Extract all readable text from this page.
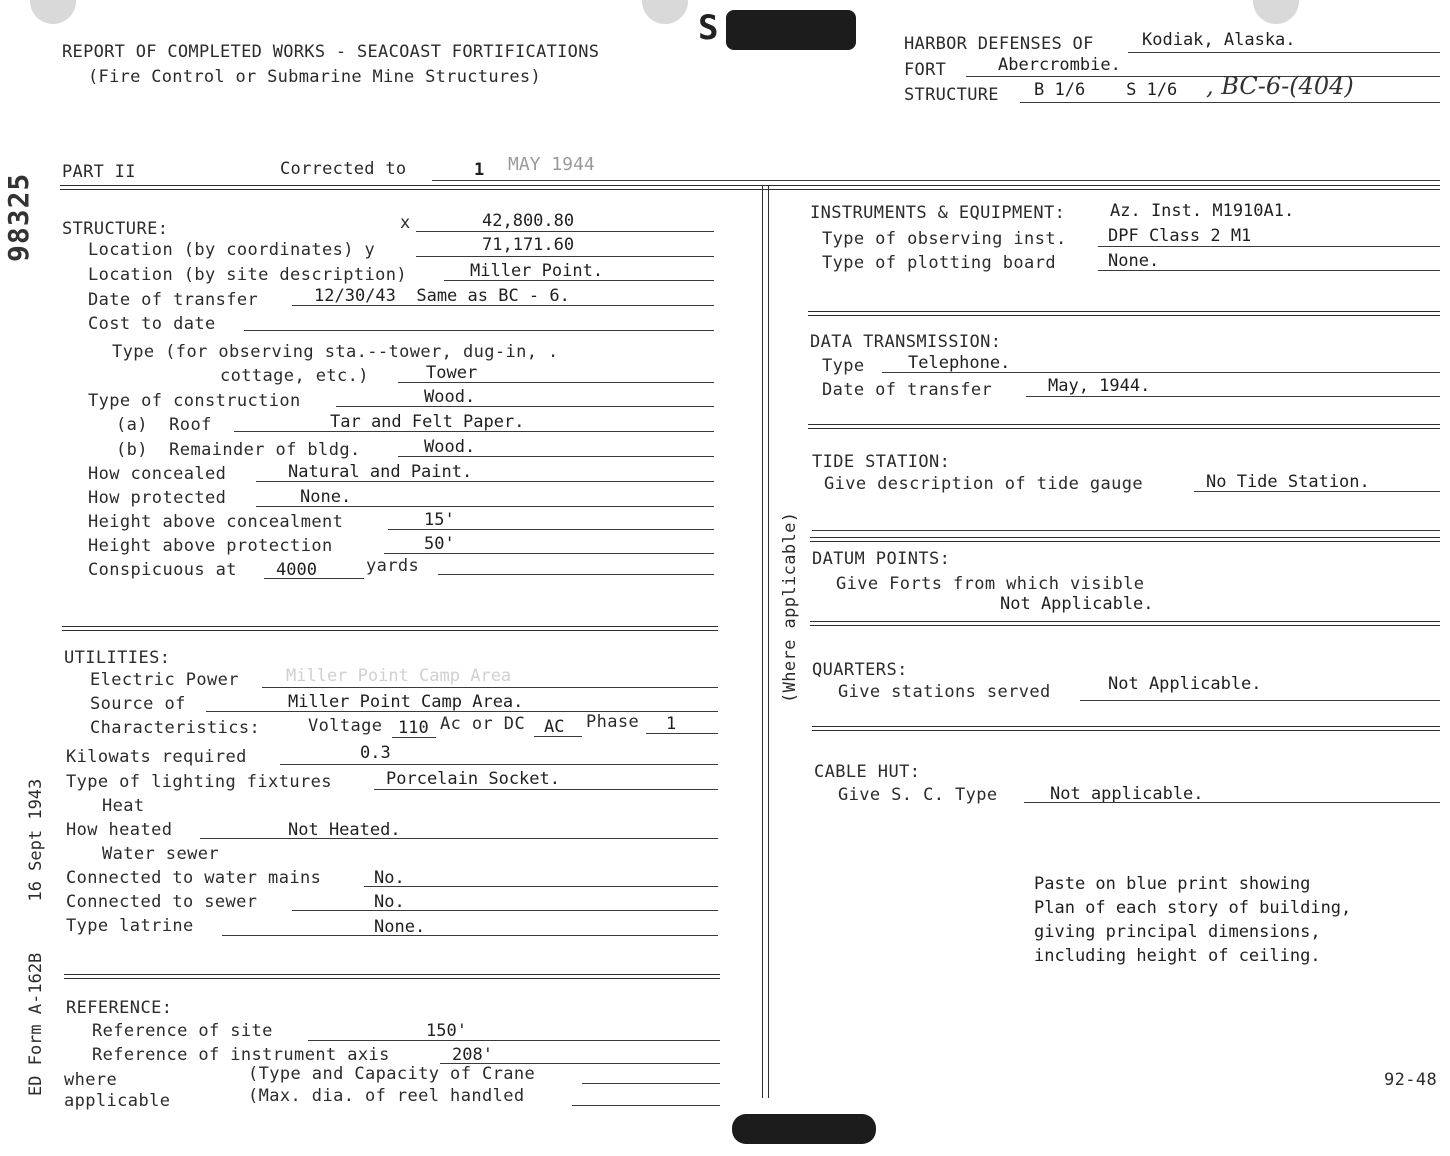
REPORT OF COMPLETED WORKS - SEACOAST FORTIFICATIONS
(Fire Control or Submarine Mine Structures)
S	HARBOR DEFENSES OF	Kodiak, Alaska.
FORT	Abercrombie.
STRUCTURE B 1/6    S 1/6 , BC-6-(404)
98325
ED Form A-162B     16 Sept 1943
PART II	Corrected to	1 MAY 1944
(Where applicable)
STRUCTURE:	x	42,800.80
Location (by coordinates) y	71,171.60
Location (by site description)	Miller Point.
Date of transfer	12/30/43  Same as BC - 6.
Cost to date
Type (for observing sta.--tower, dug-in, .
cottage, etc.)	Tower
Type of construction	Wood.
(a)  Roof	Tar and Felt Paper.
(b)  Remainder of bldg.	Wood.
How concealed	Natural and Paint.
How protected	None.
Height above concealment	15'
Height above protection	50'
Conspicuous at 4000	yards
UTILITIES:
Electric Power	Miller Point Camp Area
Source of	Miller Point Camp Area.
Characteristics:	Voltage 110 Ac or DC AC Phase 1
Kilowats required	0.3
Type of lighting fixtures	Porcelain Socket.
Heat
How heated	Not Heated.
Water sewer
Connected to water mains	No.
Connected to sewer	No.
Type latrine	None.
REFERENCE:
Reference of site	150'
Reference of instrument axis	208'
where
applicable
(Type and Capacity of Crane
(Max. dia. of reel handled
INSTRUMENTS & EQUIPMENT:	Az. Inst. M1910A1.
Type of observing inst. DPF Class 2 M1
Type of plotting board	None.
DATA TRANSMISSION:
Type	Telephone.
Date of transfer	May, 1944.
TIDE STATION:
Give description of tide gauge	No Tide Station.
DATUM POINTS:
Give Forts from which visible
Not Applicable.
QUARTERS:
Give stations served	Not Applicable.
CABLE HUT:
Give S. C. Type	Not applicable.
Paste on blue print showing
Plan of each story of building,
giving principal dimensions,
including height of ceiling.
92-48
